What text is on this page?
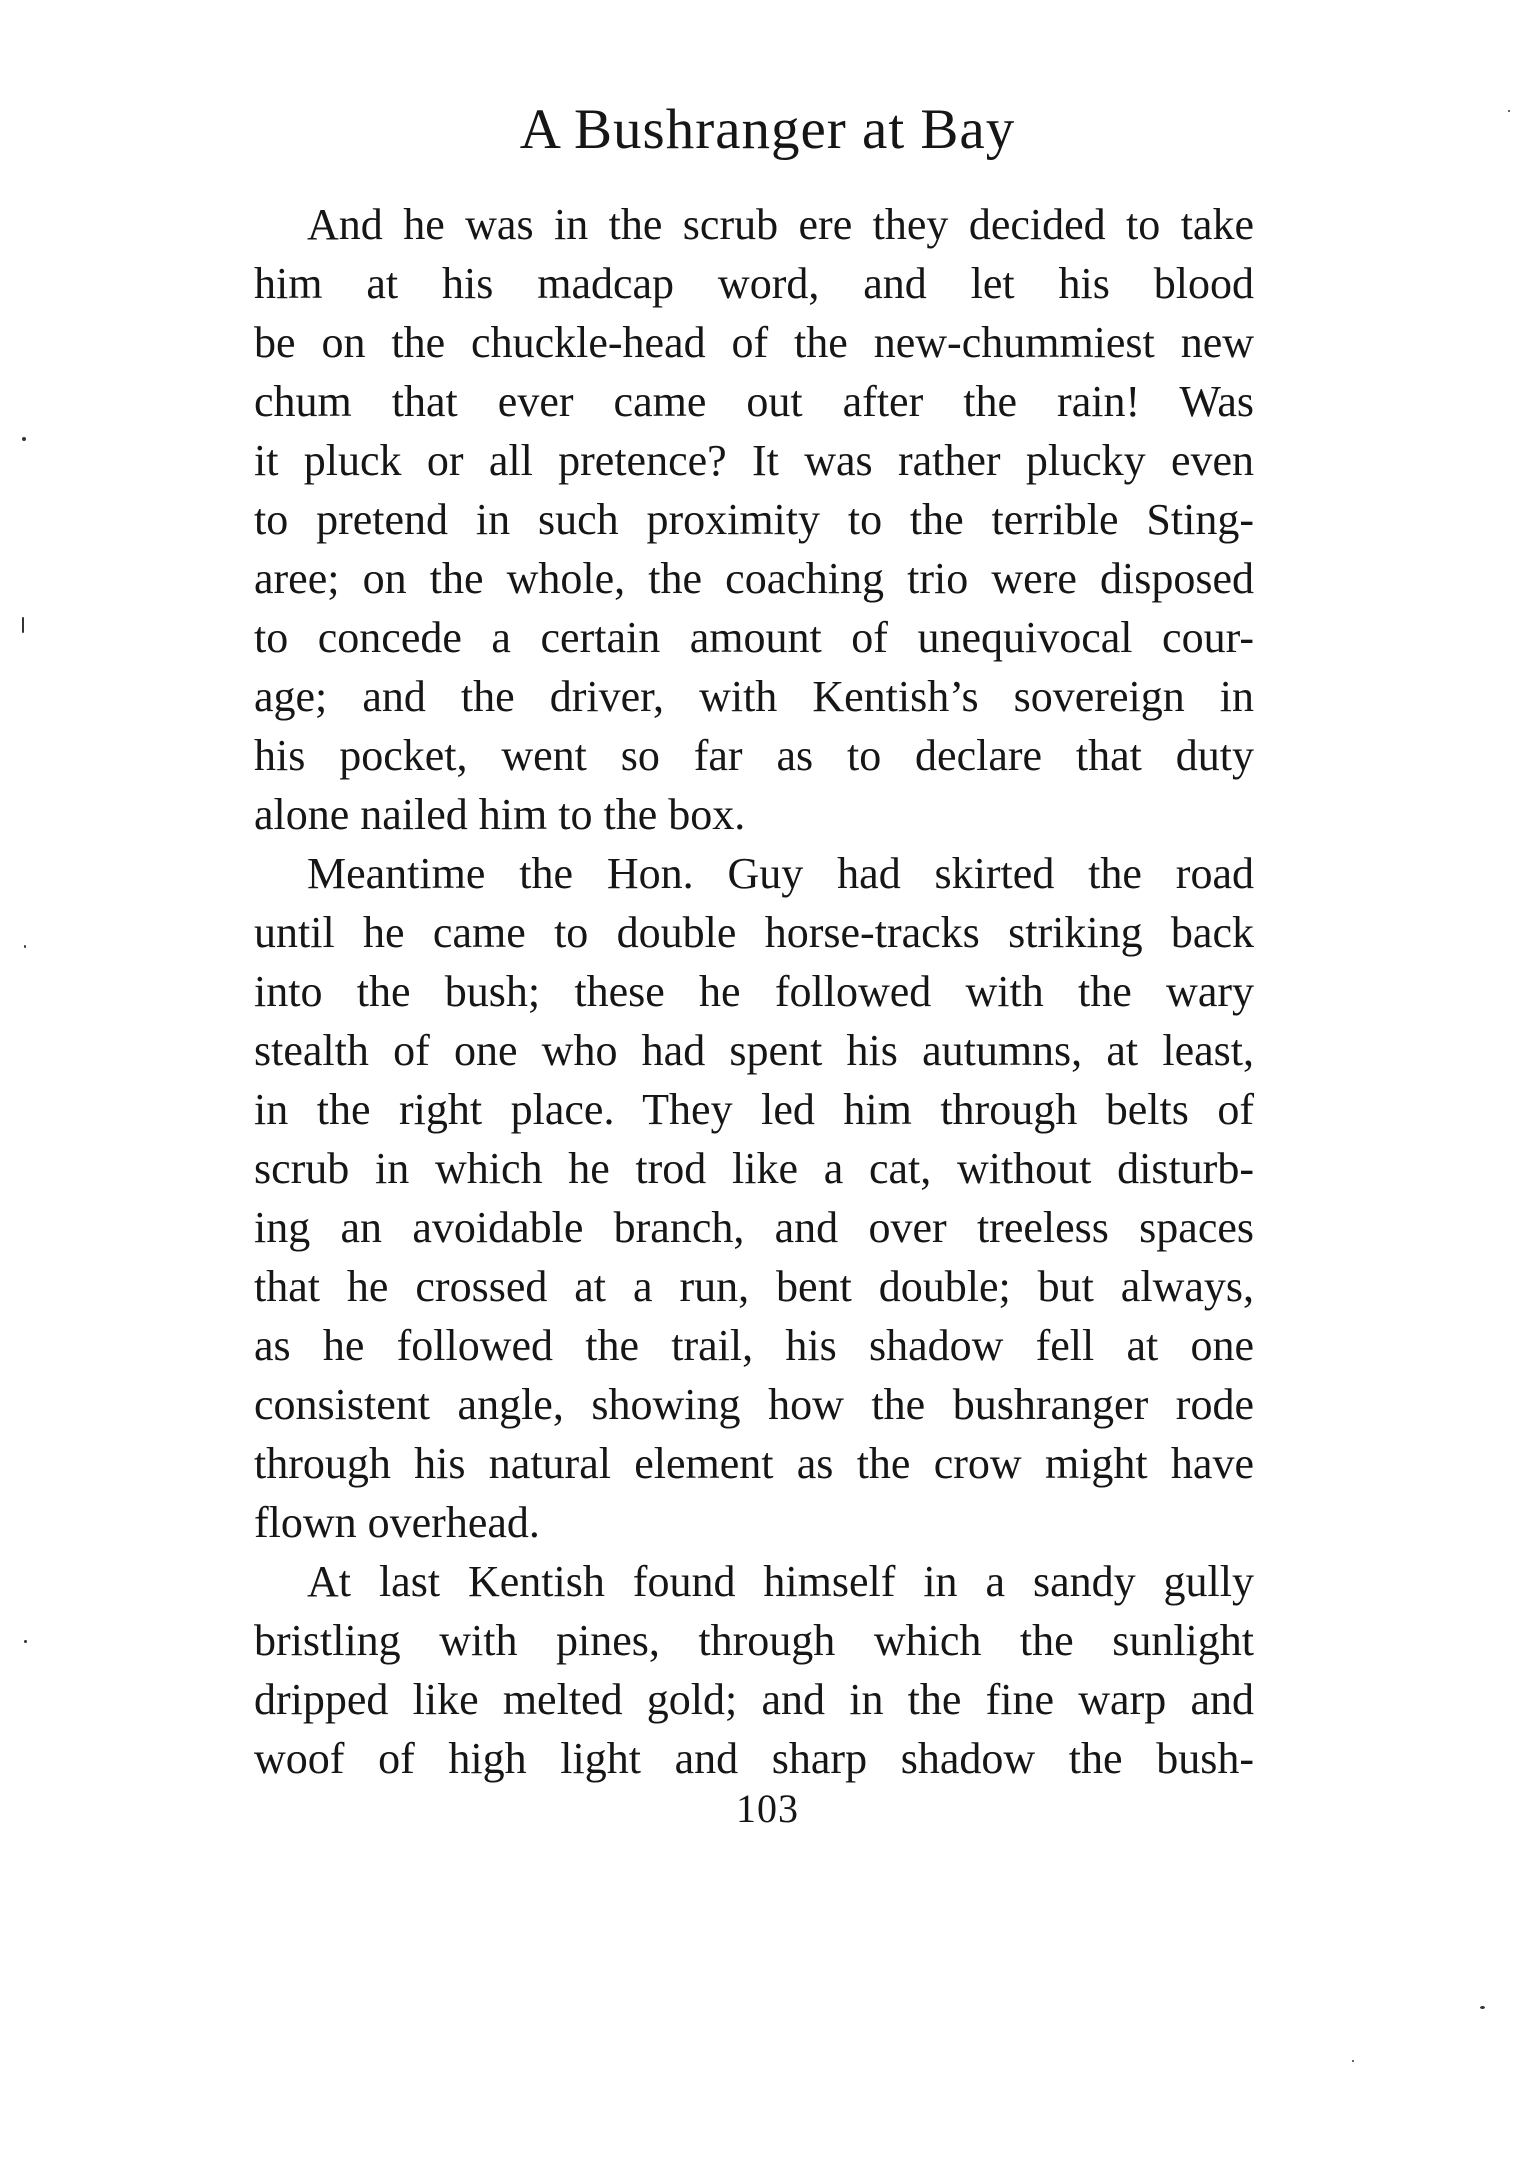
A Bushranger at Bay
And he was in the scrub ere they decided to take
him at his madcap word, and let his blood
be on the chuckle-head of the new-chummiest new
chum that ever came out after the rain! Was
it pluck or all pretence? It was rather plucky even
to pretend in such proximity to the terrible Sting-
aree; on the whole, the coaching trio were disposed
to concede a certain amount of unequivocal cour-
age; and the driver, with Kentish’s sovereign in
his pocket, went so far as to declare that duty
alone nailed him to the box.
Meantime the Hon. Guy had skirted the road
until he came to double horse-tracks striking back
into the bush; these he followed with the wary
stealth of one who had spent his autumns, at least,
in the right place. They led him through belts of
scrub in which he trod like a cat, without disturb-
ing an avoidable branch, and over treeless spaces
that he crossed at a run, bent double; but always,
as he followed the trail, his shadow fell at one
consistent angle, showing how the bushranger rode
through his natural element as the crow might have
flown overhead.
At last Kentish found himself in a sandy gully
bristling with pines, through which the sunlight
dripped like melted gold; and in the fine warp and
woof of high light and sharp shadow the bush-
103
